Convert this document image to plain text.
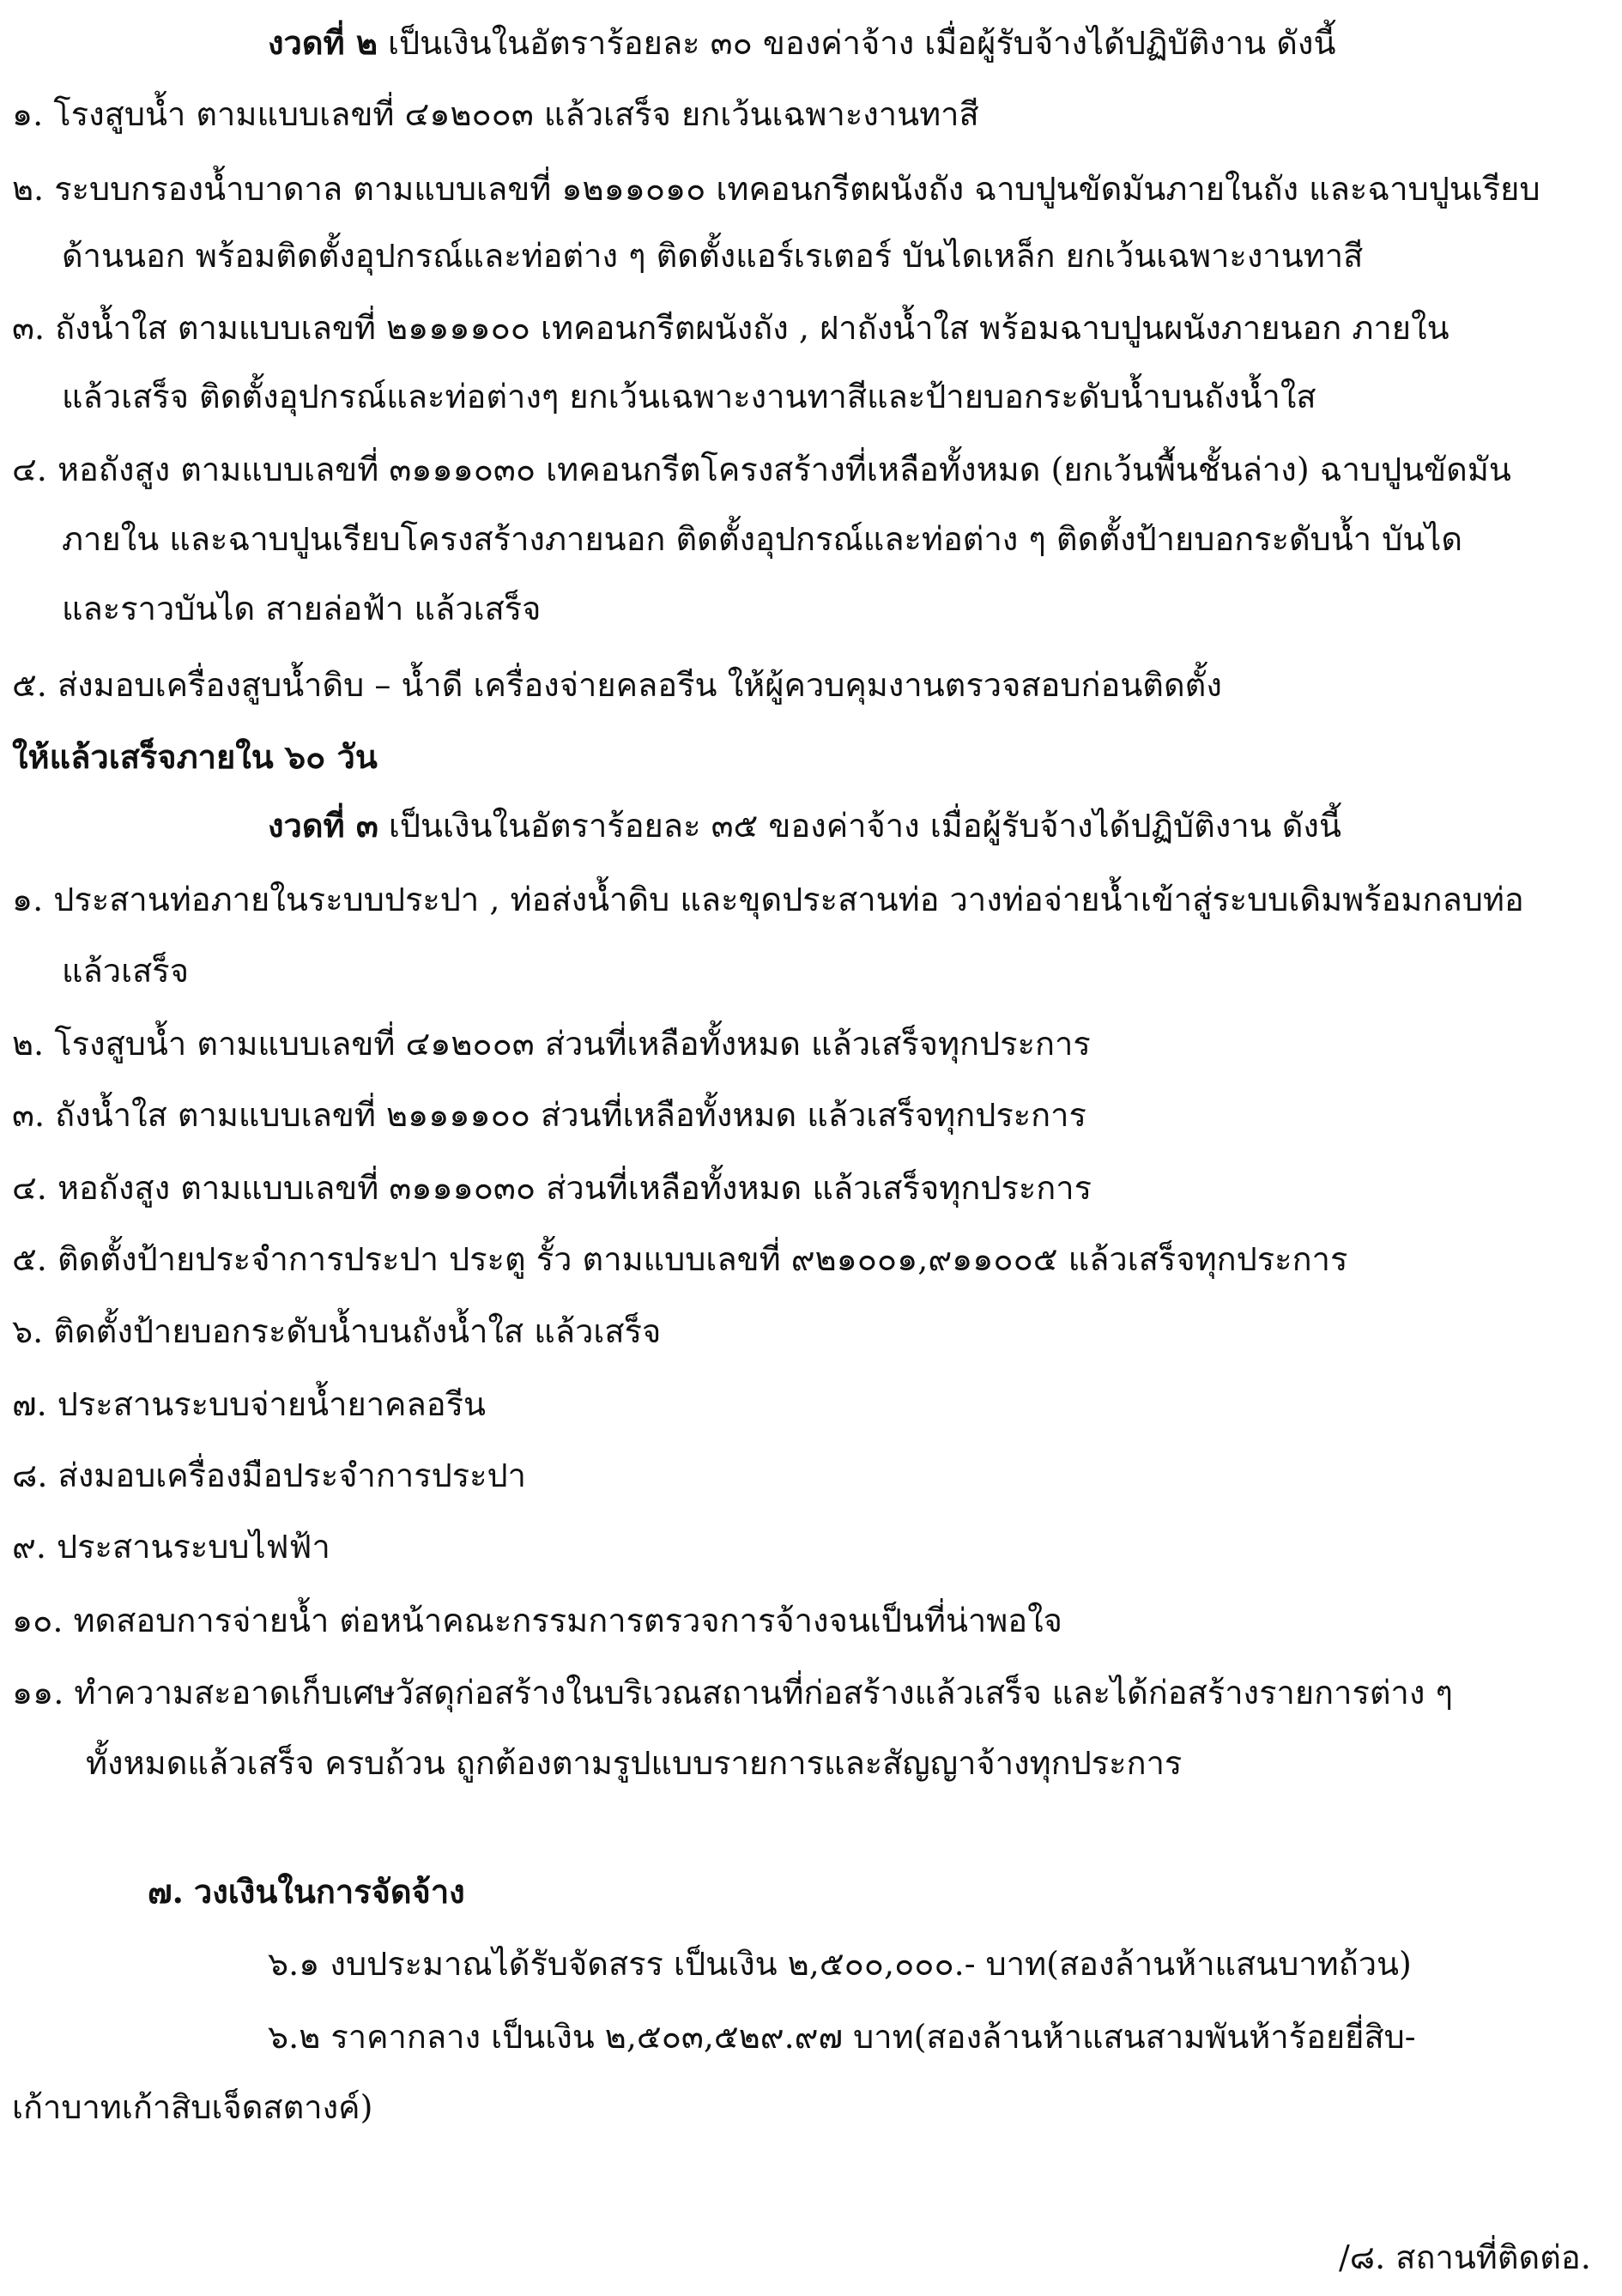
งวดที่ ๒ เป็นเงินในอัตราร้อยละ ๓๐ ของค่าจ้าง เมื่อผู้รับจ้างได้ปฏิบัติงาน ดังนี้

๑. โรงสูบน้ำ ตามแบบเลขที่ ๔๑๒๐๐๓ แล้วเสร็จ ยกเว้นเฉพาะงานทาสี

๒. ระบบกรองน้ำบาดาล ตามแบบเลขที่ ๑๒๑๑๐๑๐ เทคอนกรีตผนังถัง ฉาบปูนขัดมันภายในถัง และฉาบปูนเรียบ

ด้านนอก พร้อมติดตั้งอุปกรณ์และท่อต่าง ๆ ติดตั้งแอร์เรเตอร์ บันไดเหล็ก ยกเว้นเฉพาะงานทาสี

๓. ถังน้ำใส ตามแบบเลขที่ ๒๑๑๑๑๐๐ เทคอนกรีตผนังถัง , ฝาถังน้ำใส พร้อมฉาบปูนผนังภายนอก ภายใน

แล้วเสร็จ ติดตั้งอุปกรณ์และท่อต่างๆ ยกเว้นเฉพาะงานทาสีและป้ายบอกระดับน้ำบนถังน้ำใส

๔. หอถังสูง ตามแบบเลขที่ ๓๑๑๑๐๓๐ เทคอนกรีตโครงสร้างที่เหลือทั้งหมด (ยกเว้นพื้นชั้นล่าง) ฉาบปูนขัดมัน

ภายใน และฉาบปูนเรียบโครงสร้างภายนอก ติดตั้งอุปกรณ์และท่อต่าง ๆ ติดตั้งป้ายบอกระดับน้ำ บันได

และราวบันได สายล่อฟ้า แล้วเสร็จ

๕. ส่งมอบเครื่องสูบน้ำดิบ – น้ำดี เครื่องจ่ายคลอรีน ให้ผู้ควบคุมงานตรวจสอบก่อนติดตั้ง

ให้แล้วเสร็จภายใน ๖๐ วัน

งวดที่ ๓ เป็นเงินในอัตราร้อยละ ๓๕ ของค่าจ้าง เมื่อผู้รับจ้างได้ปฏิบัติงาน ดังนี้

๑. ประสานท่อภายในระบบประปา , ท่อส่งน้ำดิบ และขุดประสานท่อ วางท่อจ่ายน้ำเข้าสู่ระบบเดิมพร้อมกลบท่อ

แล้วเสร็จ

๒. โรงสูบน้ำ ตามแบบเลขที่ ๔๑๒๐๐๓ ส่วนที่เหลือทั้งหมด แล้วเสร็จทุกประการ

๓. ถังน้ำใส ตามแบบเลขที่ ๒๑๑๑๑๐๐ ส่วนที่เหลือทั้งหมด แล้วเสร็จทุกประการ

๔. หอถังสูง ตามแบบเลขที่ ๓๑๑๑๐๓๐ ส่วนที่เหลือทั้งหมด แล้วเสร็จทุกประการ

๕. ติดตั้งป้ายประจำการประปา ประตู รั้ว ตามแบบเลขที่ ๙๒๑๐๐๑,๙๑๑๐๐๕ แล้วเสร็จทุกประการ

๖. ติดตั้งป้ายบอกระดับน้ำบนถังน้ำใส แล้วเสร็จ

๗. ประสานระบบจ่ายน้ำยาคลอรีน

๘. ส่งมอบเครื่องมือประจำการประปา

๙. ประสานระบบไฟฟ้า

๑๐. ทดสอบการจ่ายน้ำ ต่อหน้าคณะกรรมการตรวจการจ้างจนเป็นที่น่าพอใจ

๑๑. ทำความสะอาดเก็บเศษวัสดุก่อสร้างในบริเวณสถานที่ก่อสร้างแล้วเสร็จ และได้ก่อสร้างรายการต่าง ๆ

ทั้งหมดแล้วเสร็จ ครบถ้วน ถูกต้องตามรูปแบบรายการและสัญญาจ้างทุกประการ

๗. วงเงินในการจัดจ้าง

๖.๑ งบประมาณได้รับจัดสรร เป็นเงิน ๒,๕๐๐,๐๐๐.- บาท(สองล้านห้าแสนบาทถ้วน)

๖.๒ ราคากลาง เป็นเงิน ๒,๕๐๓,๕๒๙.๙๗ บาท(สองล้านห้าแสนสามพันห้าร้อยยี่สิบ-

เก้าบาทเก้าสิบเจ็ดสตางค์)

/๘. สถานที่ติดต่อ.
